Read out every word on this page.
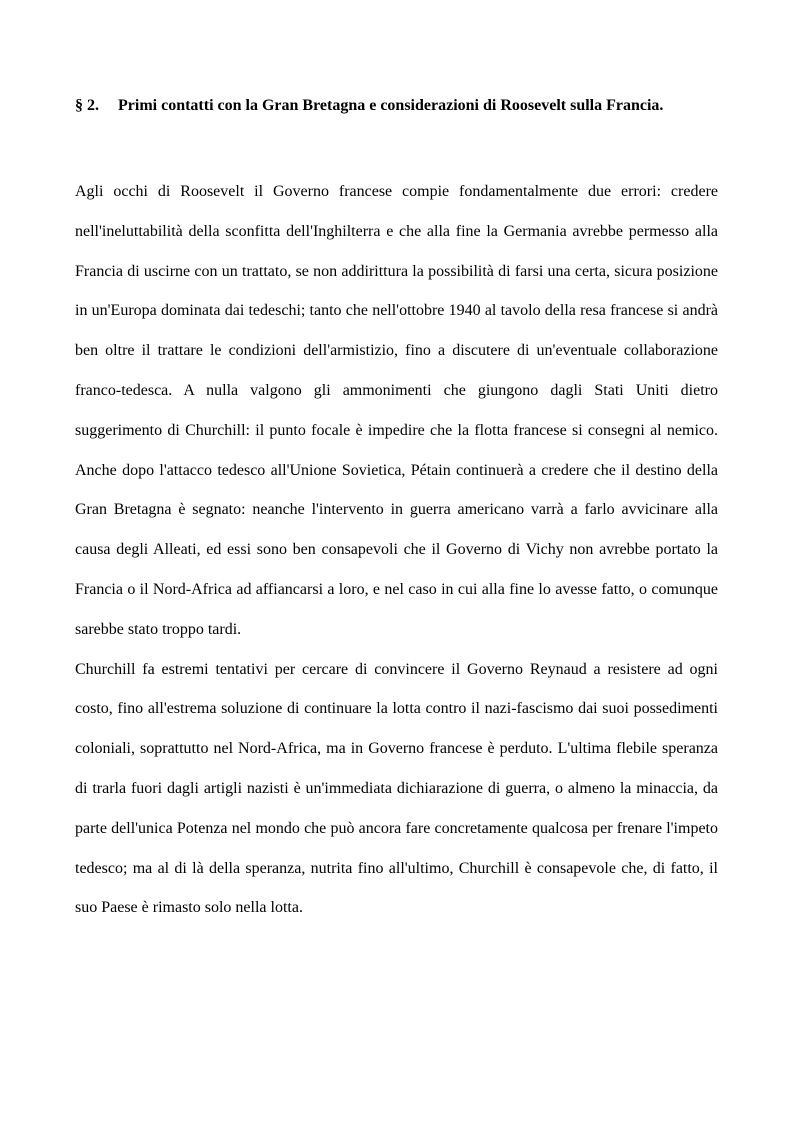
§ 2. Primi contatti con la Gran Bretagna e considerazioni di Roosevelt sulla Francia.

Agli occhi di Roosevelt il Governo francese compie fondamentalmente due errori: credere nell'ineluttabilità della sconfitta dell'Inghilterra e che alla fine la Germania avrebbe permesso alla Francia di uscirne con un trattato, se non addirittura la possibilità di farsi una certa, sicura posizione in un'Europa dominata dai tedeschi; tanto che nell'ottobre 1940 al tavolo della resa francese si andrà ben oltre il trattare le condizioni dell'armistizio, fino a discutere di un'eventuale collaborazione franco-tedesca. A nulla valgono gli ammonimenti che giungono dagli Stati Uniti dietro suggerimento di Churchill: il punto focale è impedire che la flotta francese si consegni al nemico. Anche dopo l'attacco tedesco all'Unione Sovietica, Pétain continuerà a credere che il destino della Gran Bretagna è segnato: neanche l'intervento in guerra americano varrà a farlo avvicinare alla causa degli Alleati, ed essi sono ben consapevoli che il Governo di Vichy non avrebbe portato la Francia o il Nord-Africa ad affiancarsi a loro, e nel caso in cui alla fine lo avesse fatto, o comunque sarebbe stato troppo tardi.

Churchill fa estremi tentativi per cercare di convincere il Governo Reynaud a resistere ad ogni costo, fino all'estrema soluzione di continuare la lotta contro il nazi-fascismo dai suoi possedimenti coloniali, soprattutto nel Nord-Africa, ma in Governo francese è perduto. L'ultima flebile speranza di trarla fuori dagli artigli nazisti è un'immediata dichiarazione di guerra, o almeno la minaccia, da parte dell'unica Potenza nel mondo che può ancora fare concretamente qualcosa per frenare l'impeto tedesco; ma al di là della speranza, nutrita fino all'ultimo, Churchill è consapevole che, di fatto, il suo Paese è rimasto solo nella lotta.
